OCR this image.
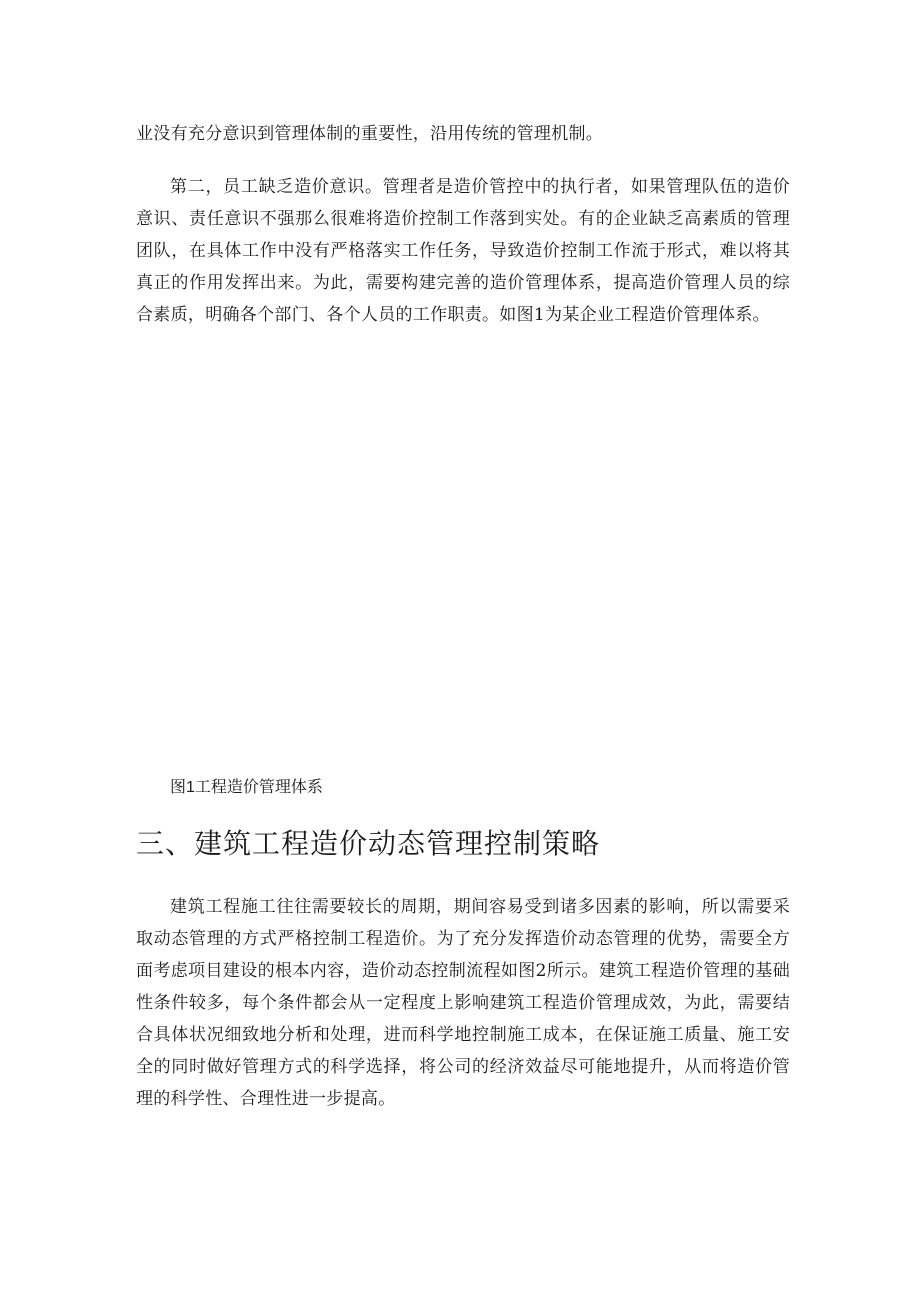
业没有充分意识到管理体制的重要性，沿用传统的管理机制。

第二，员工缺乏造价意识。管理者是造价管控中的执行者，如果管理队伍的造价意识、责任意识不强那么很难将造价控制工作落到实处。有的企业缺乏高素质的管理团队，在具体工作中没有严格落实工作任务，导致造价控制工作流于形式，难以将其真正的作用发挥出来。为此，需要构建完善的造价管理体系，提高造价管理人员的综合素质，明确各个部门、各个人员的工作职责。如图1为某企业工程造价管理体系。

图1工程造价管理体系
三、建筑工程造价动态管理控制策略

建筑工程施工往往需要较长的周期，期间容易受到诸多因素的影响，所以需要采取动态管理的方式严格控制工程造价。为了充分发挥造价动态管理的优势，需要全方面考虑项目建设的根本内容，造价动态控制流程如图2所示。建筑工程造价管理的基础性条件较多，每个条件都会从一定程度上影响建筑工程造价管理成效，为此，需要结合具体状况细致地分析和处理，进而科学地控制施工成本，在保证施工质量、施工安全的同时做好管理方式的科学选择，将公司的经济效益尽可能地提升，从而将造价管理的科学性、合理性进一步提高。
